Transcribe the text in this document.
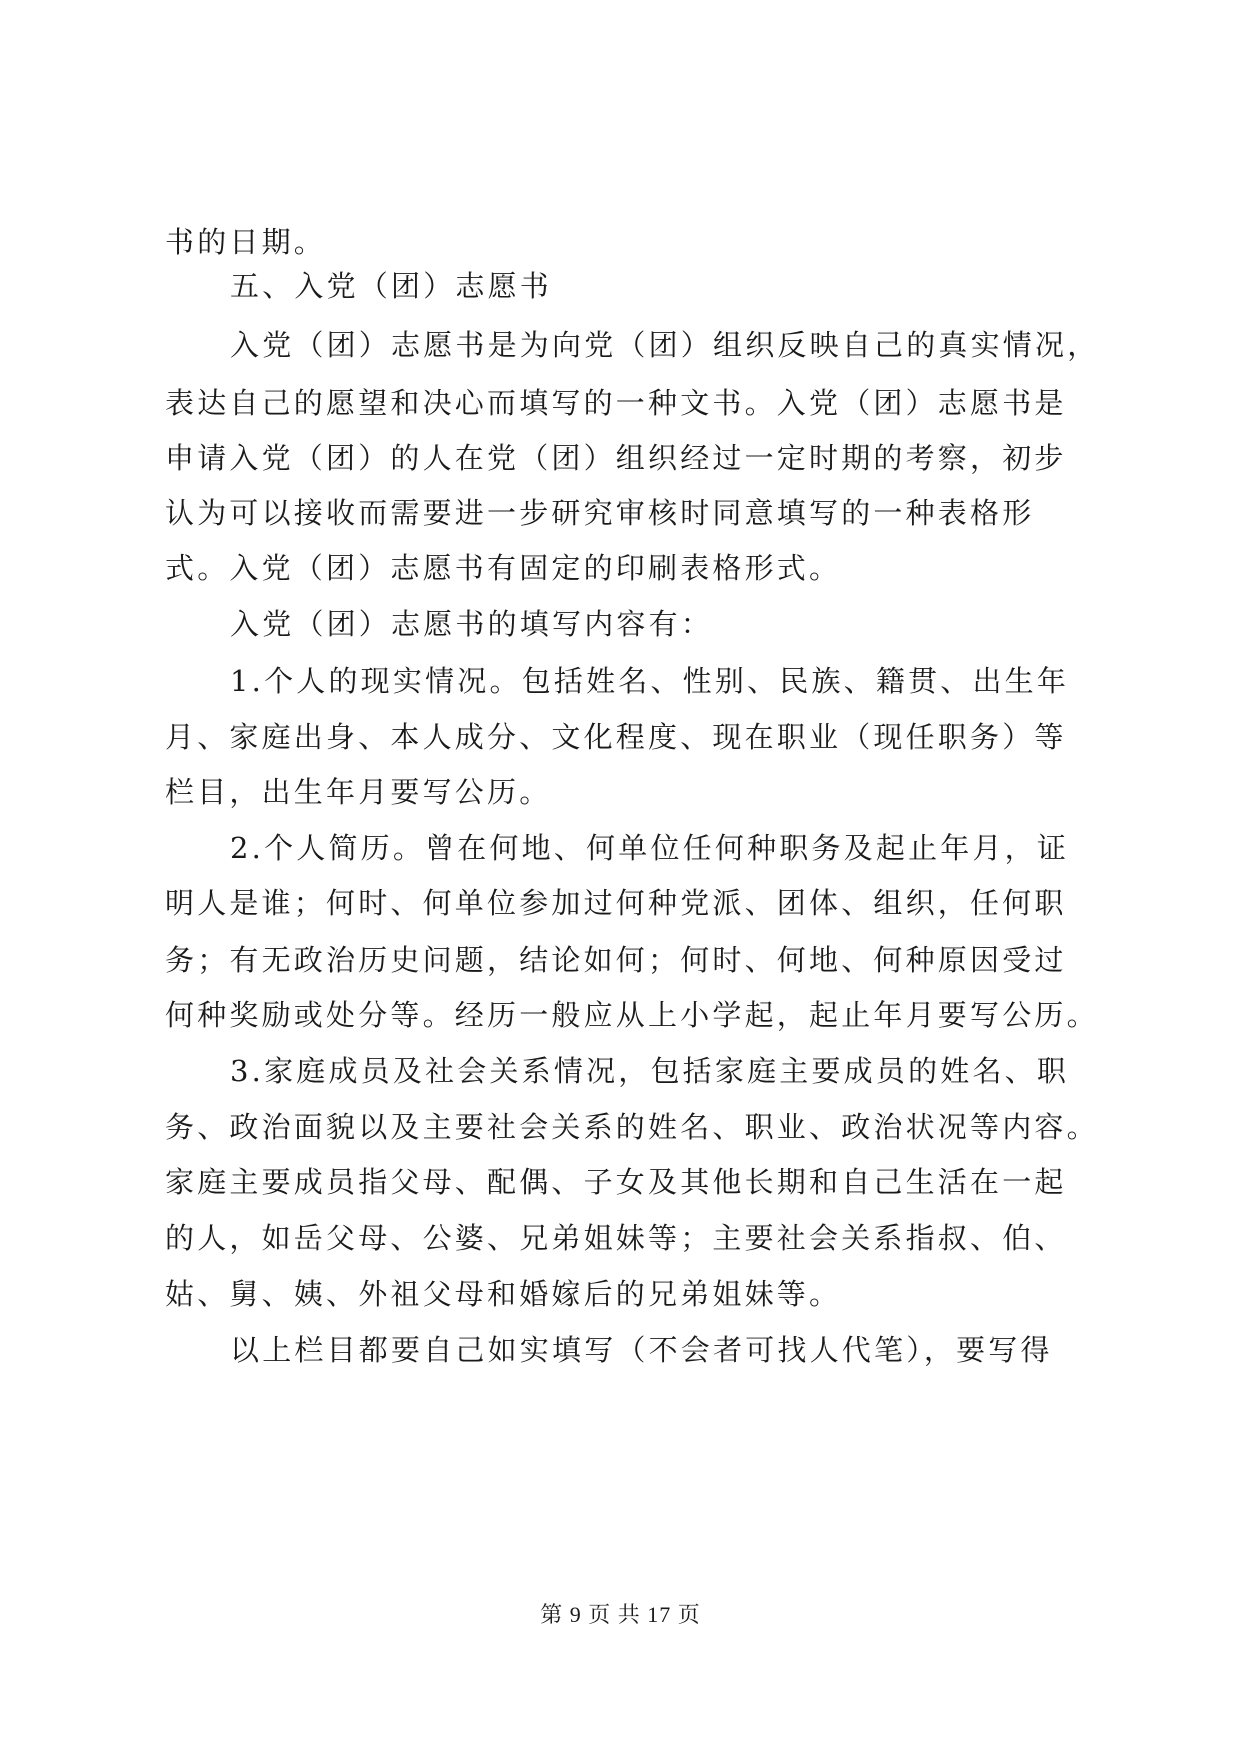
书的日期。
五、入党（团）志愿书
入党（团）志愿书是为向党（团）组织反映自己的真实情况，
表达自己的愿望和决心而填写的一种文书。入党（团）志愿书是
申请入党（团）的人在党（团）组织经过一定时期的考察，初步
认为可以接收而需要进一步研究审核时同意填写的一种表格形
式。入党（团）志愿书有固定的印刷表格形式。
入党（团）志愿书的填写内容有：
1.个人的现实情况。包括姓名、性别、民族、籍贯、出生年
月、家庭出身、本人成分、文化程度、现在职业（现任职务）等
栏目，出生年月要写公历。
2.个人简历。曾在何地、何单位任何种职务及起止年月，证
明人是谁；何时、何单位参加过何种党派、团体、组织，任何职
务；有无政治历史问题，结论如何；何时、何地、何种原因受过
何种奖励或处分等。经历一般应从上小学起，起止年月要写公历。
3.家庭成员及社会关系情况，包括家庭主要成员的姓名、职
务、政治面貌以及主要社会关系的姓名、职业、政治状况等内容。
家庭主要成员指父母、配偶、子女及其他长期和自己生活在一起
的人，如岳父母、公婆、兄弟姐妹等；主要社会关系指叔、伯、
姑、舅、姨、外祖父母和婚嫁后的兄弟姐妹等。
以上栏目都要自己如实填写（不会者可找人代笔），要写得
第 9 页 共 17 页
